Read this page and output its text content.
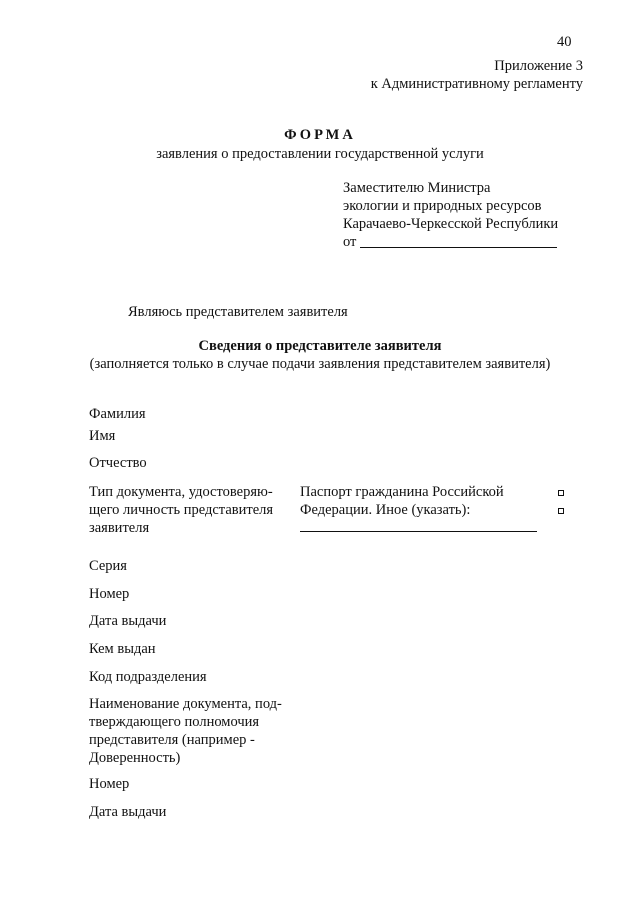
40
Приложение 3
к Административному регламенту
ФОРМА
заявления о предоставлении государственной услуги
Заместителю Министра
экологии и природных ресурсов
Карачаево-Черкесской Республики
от
Являюсь представителем заявителя
Сведения о представителе заявителя
(заполняется только в случае подачи заявления представителем заявителя)
Фамилия
Имя
Отчество
Тип документа, удостоверяю-
щего личность представителя
заявителя
Паспорт гражданина Российской
Федерации. Иное (указать):
Серия
Номер
Дата выдачи
Кем выдан
Код подразделения
Наименование документа, под-
тверждающего полномочия
представителя (например -
Доверенность)
Номер
Дата выдачи
